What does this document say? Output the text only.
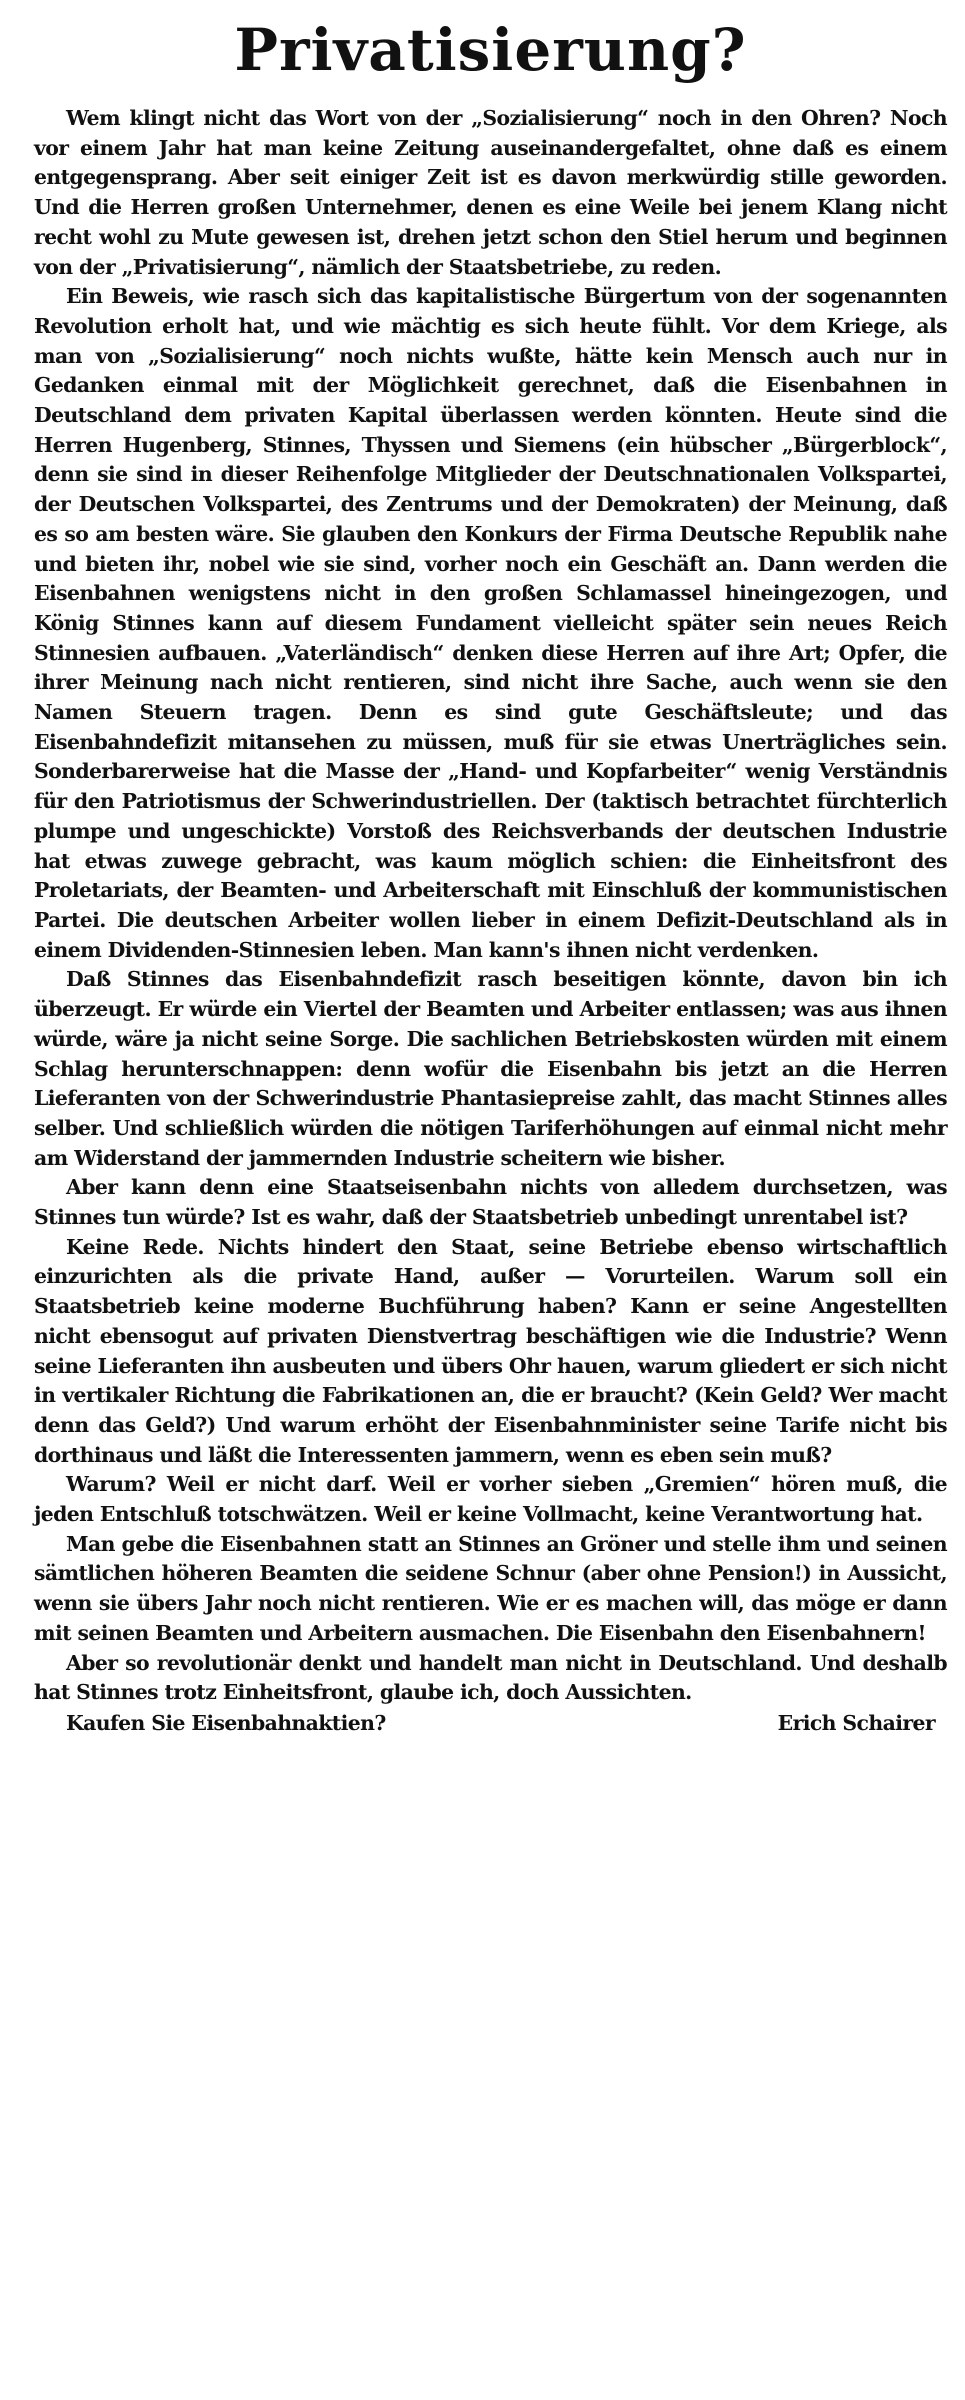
Privatisierung?

Wem klingt nicht das Wort von der „Sozialisierung“ noch in den Ohren? Noch vor einem Jahr hat man keine Zeitung auseinandergefaltet, ohne daß es einem entgegensprang. Aber seit einiger Zeit ist es davon merkwürdig stille geworden. Und die Herren großen Unternehmer, denen es eine Weile bei jenem Klang nicht recht wohl zu Mute gewesen ist, drehen jetzt schon den Stiel herum und beginnen von der „Privatisierung“, nämlich der Staatsbetriebe, zu reden.

Ein Beweis, wie rasch sich das kapitalistische Bürgertum von der sogenannten Revolution erholt hat, und wie mächtig es sich heute fühlt. Vor dem Kriege, als man von „Sozialisierung“ noch nichts wußte, hätte kein Mensch auch nur in Gedanken einmal mit der Möglichkeit gerechnet, daß die Eisenbahnen in Deutschland dem privaten Kapital überlassen werden könnten. Heute sind die Herren Hugenberg, Stinnes, Thyssen und Siemens (ein hübscher „Bürgerblock“, denn sie sind in dieser Reihenfolge Mitglieder der Deutschnationalen Volkspartei, der Deutschen Volkspartei, des Zentrums und der Demokraten) der Meinung, daß es so am besten wäre. Sie glauben den Konkurs der Firma Deutsche Republik nahe und bieten ihr, nobel wie sie sind, vorher noch ein Geschäft an. Dann werden die Eisenbahnen wenigstens nicht in den großen Schlamassel hineingezogen, und König Stinnes kann auf diesem Fundament vielleicht später sein neues Reich Stinnesien aufbauen. „Vaterländisch“ denken diese Herren auf ihre Art; Opfer, die ihrer Meinung nach nicht rentieren, sind nicht ihre Sache, auch wenn sie den Namen Steuern tragen. Denn es sind gute Geschäftsleute; und das Eisenbahndefizit mitansehen zu müssen, muß für sie etwas Unerträgliches sein. Sonderbarerweise hat die Masse der „Hand- und Kopfarbeiter“ wenig Verständnis für den Patriotismus der Schwerindustriellen. Der (taktisch betrachtet fürchterlich plumpe und ungeschickte) Vorstoß des Reichsverbands der deutschen Industrie hat etwas zuwege gebracht, was kaum möglich schien: die Einheitsfront des Proletariats, der Beamten- und Arbeiterschaft mit Einschluß der kommunistischen Partei. Die deutschen Arbeiter wollen lieber in einem Defizit-Deutschland als in einem Dividenden-Stinnesien leben. Man kann's ihnen nicht verdenken.

Daß Stinnes das Eisenbahndefizit rasch beseitigen könnte, davon bin ich überzeugt. Er würde ein Viertel der Beamten und Arbeiter entlassen; was aus ihnen würde, wäre ja nicht seine Sorge. Die sachlichen Betriebskosten würden mit einem Schlag herunterschnappen: denn wofür die Eisenbahn bis jetzt an die Herren Lieferanten von der Schwerindustrie Phantasiepreise zahlt, das macht Stinnes alles selber. Und schließlich würden die nötigen Tariferhöhungen auf einmal nicht mehr am Widerstand der jammernden Industrie scheitern wie bisher.

Aber kann denn eine Staatseisenbahn nichts von alledem durchsetzen, was Stinnes tun würde? Ist es wahr, daß der Staatsbetrieb unbedingt unrentabel ist?

Keine Rede. Nichts hindert den Staat, seine Betriebe ebenso wirtschaftlich einzurichten als die private Hand, außer — Vorurteilen. Warum soll ein Staatsbetrieb keine moderne Buchführung haben? Kann er seine Angestellten nicht ebensogut auf privaten Dienstvertrag beschäftigen wie die Industrie? Wenn seine Lieferanten ihn ausbeuten und übers Ohr hauen, warum gliedert er sich nicht in vertikaler Richtung die Fabrikationen an, die er braucht? (Kein Geld? Wer macht denn das Geld?) Und warum erhöht der Eisenbahnminister seine Tarife nicht bis dorthinaus und läßt die Interessenten jammern, wenn es eben sein muß?

Warum? Weil er nicht darf. Weil er vorher sieben „Gremien“ hören muß, die jeden Entschluß totschwätzen. Weil er keine Vollmacht, keine Verantwortung hat.

Man gebe die Eisenbahnen statt an Stinnes an Gröner und stelle ihm und seinen sämtlichen höheren Beamten die seidene Schnur (aber ohne Pension!) in Aussicht, wenn sie übers Jahr noch nicht rentieren. Wie er es machen will, das möge er dann mit seinen Beamten und Arbeitern ausmachen. Die Eisenbahn den Eisenbahnern!

Aber so revolutionär denkt und handelt man nicht in Deutschland. Und deshalb hat Stinnes trotz Einheitsfront, glaube ich, doch Aussichten.

Kaufen Sie Eisenbahnaktien?	Erich Schairer
